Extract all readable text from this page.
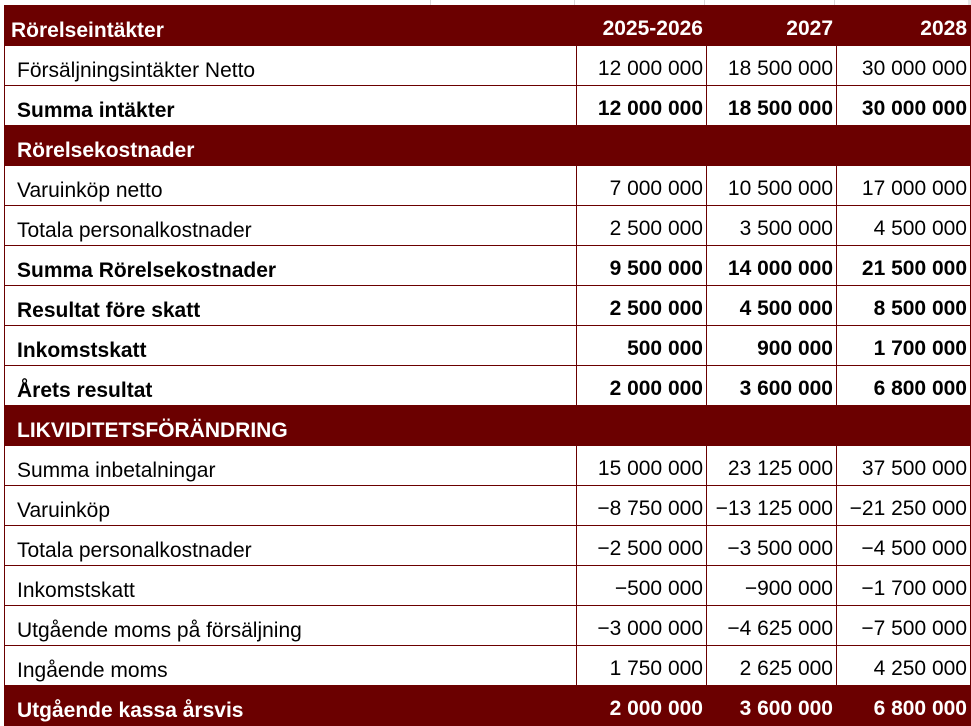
Rörelseintäkter	2025-2026	2027	2028
Försäljningsintäkter Netto	12 000 000	18 500 000	30 000 000
Summa intäkter	12 000 000	18 500 000	30 000 000
Rörelsekostnader			
Varuinköp netto	7 000 000	10 500 000	17 000 000
Totala personalkostnader	2 500 000	3 500 000	4 500 000
Summa Rörelsekostnader	9 500 000	14 000 000	21 500 000
Resultat före skatt	2 500 000	4 500 000	8 500 000
Inkomstskatt	500 000	900 000	1 700 000
Årets resultat	2 000 000	3 600 000	6 800 000
LIKVIDITETSFÖRÄNDRING			
Summa inbetalningar	15 000 000	23 125 000	37 500 000
Varuinköp	−8 750 000	−13 125 000	−21 250 000
Totala personalkostnader	−2 500 000	−3 500 000	−4 500 000
Inkomstskatt	−500 000	−900 000	−1 700 000
Utgående moms på försäljning	−3 000 000	−4 625 000	−7 500 000
Ingående moms	1 750 000	2 625 000	4 250 000
Utgående kassa årsvis	2 000 000	3 600 000	6 800 000
